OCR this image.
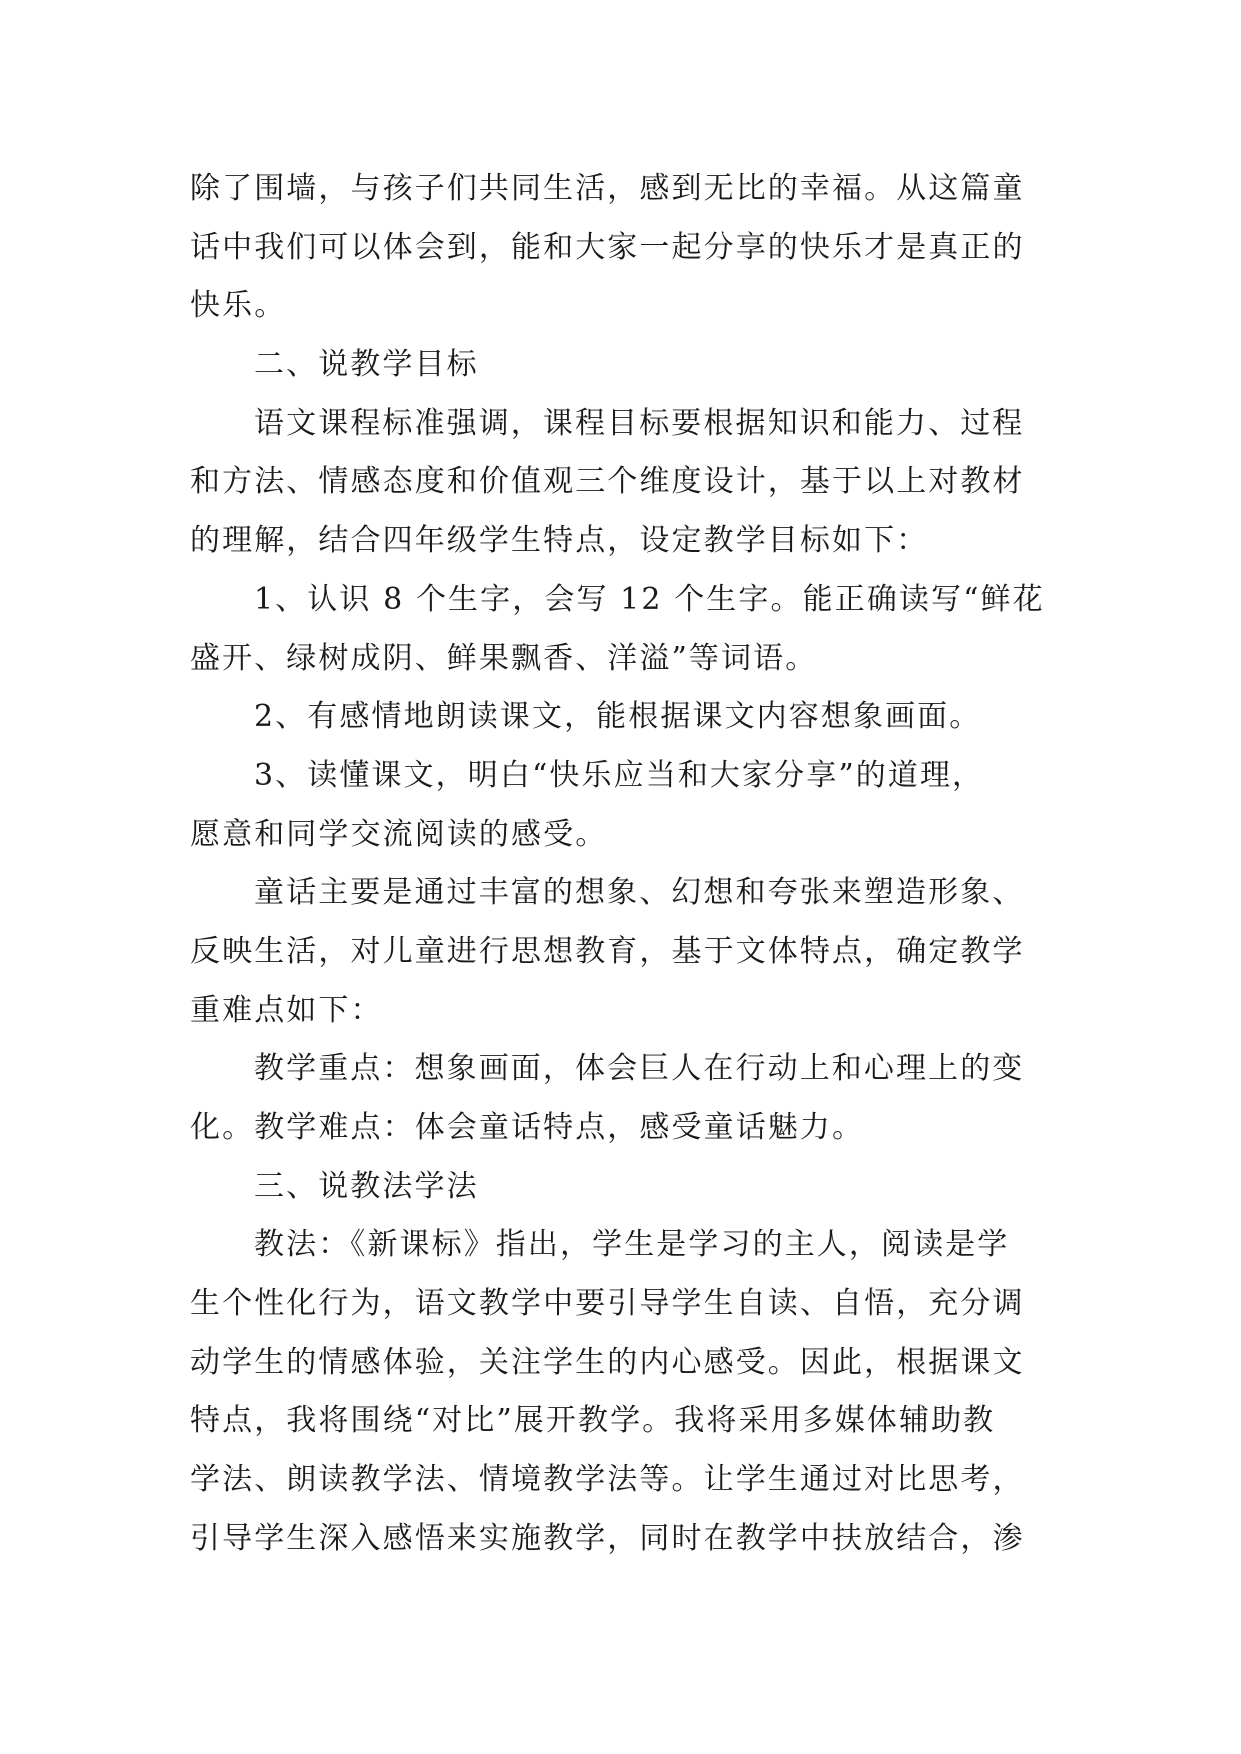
除了围墙，与孩子们共同生活，感到无比的幸福。从这篇童
话中我们可以体会到，能和大家一起分享的快乐才是真正的
快乐。
二、说教学目标
语文课程标准强调，课程目标要根据知识和能力、过程
和方法、情感态度和价值观三个维度设计，基于以上对教材
的理解，结合四年级学生特点，设定教学目标如下：
1、认识 8 个生字，会写 12 个生字。能正确读写“鲜花
盛开、绿树成阴、鲜果飘香、洋溢”等词语。
2、有感情地朗读课文，能根据课文内容想象画面。
3、读懂课文，明白“快乐应当和大家分享”的道理，
愿意和同学交流阅读的感受。
童话主要是通过丰富的想象、幻想和夸张来塑造形象、
反映生活，对儿童进行思想教育，基于文体特点，确定教学
重难点如下：
教学重点：想象画面，体会巨人在行动上和心理上的变
化。教学难点：体会童话特点，感受童话魅力。
三、说教法学法
教法：《新课标》指出，学生是学习的主人，阅读是学
生个性化行为，语文教学中要引导学生自读、自悟，充分调
动学生的情感体验，关注学生的内心感受。因此，根据课文
特点，我将围绕“对比”展开教学。我将采用多媒体辅助教
学法、朗读教学法、情境教学法等。让学生通过对比思考，
引导学生深入感悟来实施教学，同时在教学中扶放结合，渗
